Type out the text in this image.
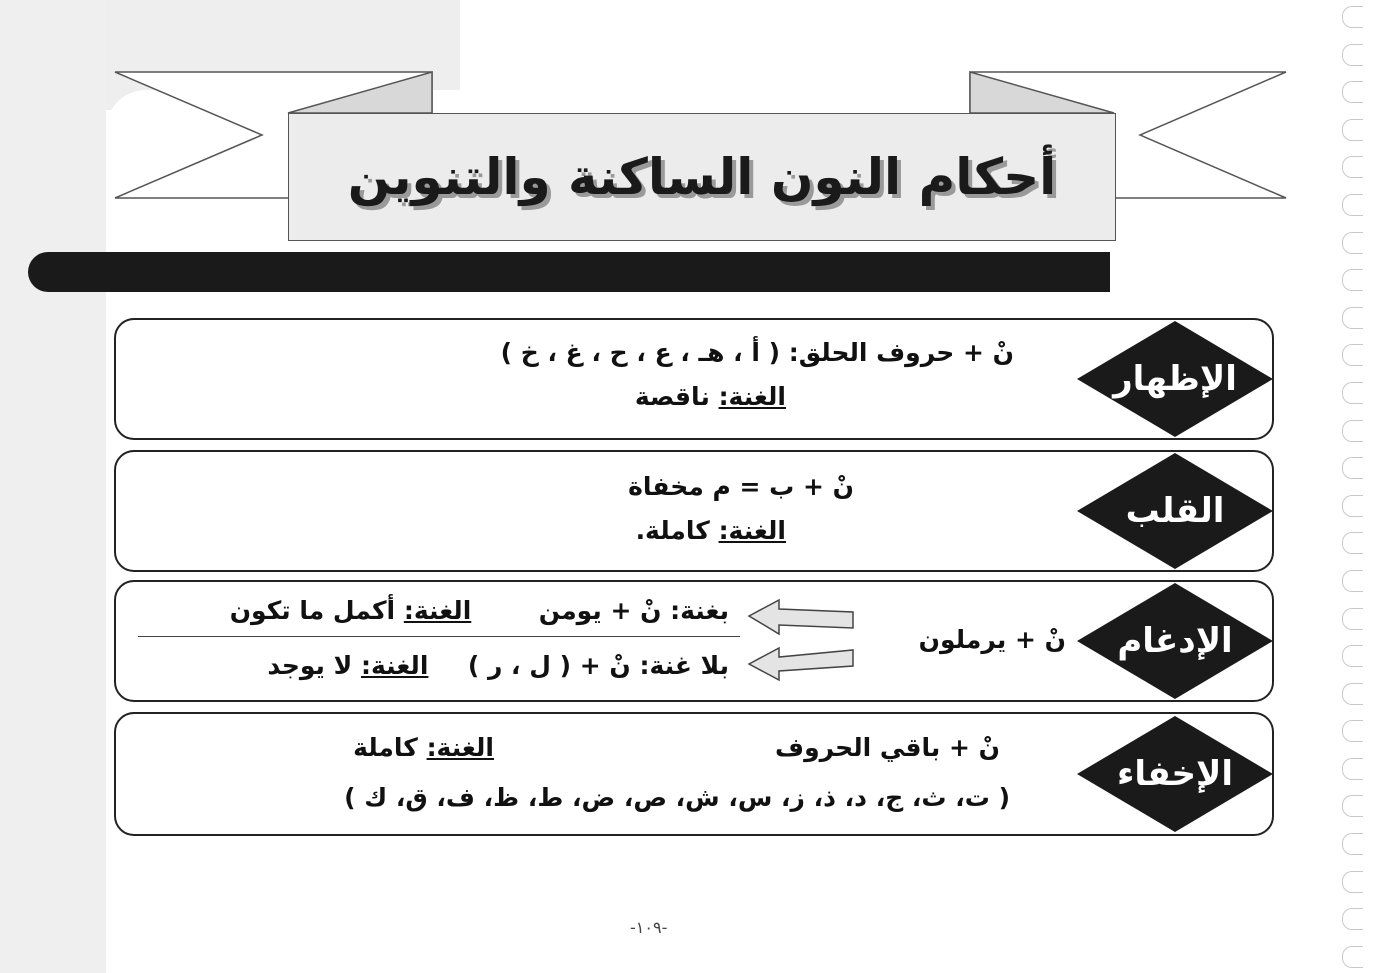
أحكام النون الساكنة والتنوين
الإظهار
نْ + حروف الحلق: ( أ ، هـ ، ع ، ح ، غ ، خ )
الغنة: ناقصة
القلب
نْ + ب = م مخفاة
الغنة: كاملة.
الإدغام
نْ + يرملون
بغنة: نْ + يومن  الغنة: أكمل ما تكون
بلا غنة: نْ + ( ل ، ر )  الغنة: لا يوجد
الإخفاء
نْ + باقي الحروف
الغنة: كاملة
( ت، ث، ج، د، ذ، ز، س، ش، ص، ض، ط، ظ، ف، ق، ك )
-١٠٩-
